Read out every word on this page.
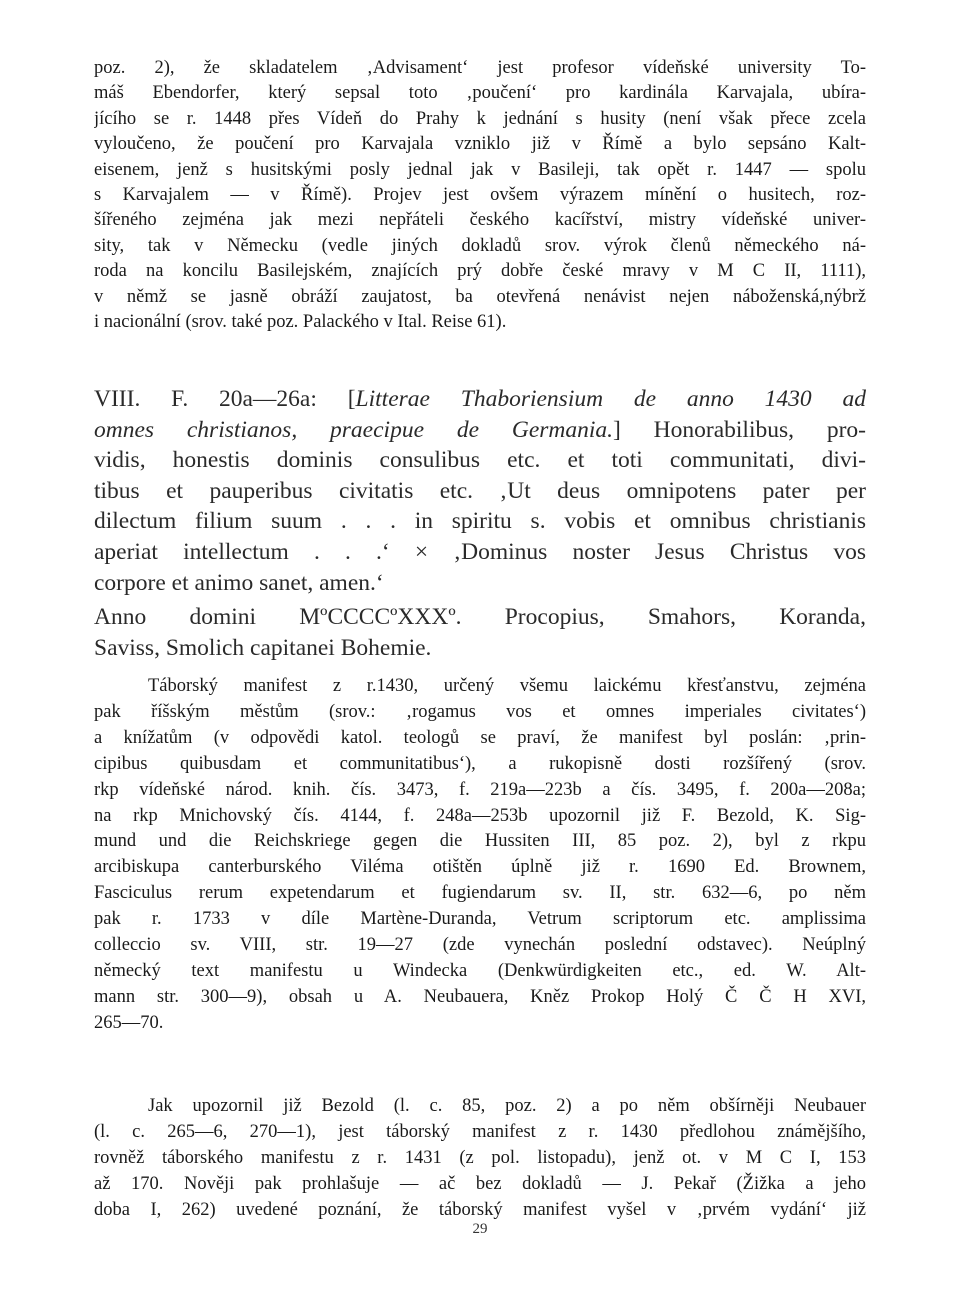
poz. 2), že skladatelem ‚Advisament‘ jest profesor vídeňské university To-
máš Ebendorfer, který sepsal toto ‚poučení‘ pro kardinála Karvajala, ubíra-
jícího se r. 1448 přes Vídeň do Prahy k jednání s husity (není však přece zcela
vyloučeno, že poučení pro Karvajala vzniklo již v Římě a bylo sepsáno Kalt-
eisenem, jenž s husitskými posly jednal jak v Basileji, tak opět r. 1447 — spolu
s Karvajalem — v Římě). Projev jest ovšem výrazem mínění o husitech, roz-
šířeného zejména jak mezi nepřáteli českého kacířství, mistry vídeňské univer-
sity, tak v Německu (vedle jiných dokladů srov. výrok členů německého ná-
roda na koncilu Basilejském, znajících prý dobře české mravy v M C II, 1111),
v němž se jasně obráží zaujatost, ba otevřená nenávist nejen náboženská,nýbrž
i nacionální (srov. také poz. Palackého v Ital. Reise 61).
VIII. F. 20a—26a: [Litterae Thaboriensium de anno 1430 ad
omnes christianos, praecipue de Germania.] Honorabilibus, pro-
vidis, honestis dominis consulibus etc. et toti communitati, divi-
tibus et pauperibus civitatis etc. ‚Ut deus omnipotens pater per
dilectum filium suum . . . in spiritu s. vobis et omnibus christianis
aperiat intellectum . . .‘ × ‚Dominus noster Jesus Christus vos
corpore et animo sanet, amen.‘
Anno domini MºCCCCºXXXº. Procopius, Smahors, Koranda,
Saviss, Smolich capitanei Bohemie.
Táborský manifest z r.1430, určený všemu laickému křesťanstvu, zejména
pak říšským městům (srov.: ‚rogamus vos et omnes imperiales civitates‘)
a knížatům (v odpovědi katol. teologů se praví, že manifest byl poslán: ‚prin-
cipibus quibusdam et communitatibus‘), a rukopisně dosti rozšířený (srov.
rkp vídeňské národ. knih. čís. 3473, f. 219a—223b a čís. 3495, f. 200a—208a;
na rkp Mnichovský čís. 4144, f. 248a—253b upozornil již F. Bezold, K. Sig-
mund und die Reichskriege gegen die Hussiten III, 85 poz. 2), byl z rkpu
arcibiskupa canterburského Viléma otištěn úplně již r. 1690 Ed. Brownem,
Fasciculus rerum expetendarum et fugiendarum sv. II, str. 632—6, po něm
pak r. 1733 v díle Martène-Duranda, Vetrum scriptorum etc. amplissima
colleccio sv. VIII, str. 19—27 (zde vynechán poslední odstavec). Neúplný
německý text manifestu u Windecka (Denkwürdigkeiten etc., ed. W. Alt-
mann str. 300—9), obsah u A. Neubauera, Kněz Prokop Holý Č Č H XVI,
265—70.
Jak upozornil již Bezold (l. c. 85, poz. 2) a po něm obšírněji Neubauer
(l. c. 265—6, 270—1), jest táborský manifest z r. 1430 předlohou známějšího,
rovněž táborského manifestu z r. 1431 (z pol. listopadu), jenž ot. v M C I, 153
až 170. Nověji pak prohlašuje — ač bez dokladů — J. Pekař (Žižka a jeho
doba I, 262) uvedené poznání, že táborský manifest vyšel v ‚prvém vydání‘ již
29
